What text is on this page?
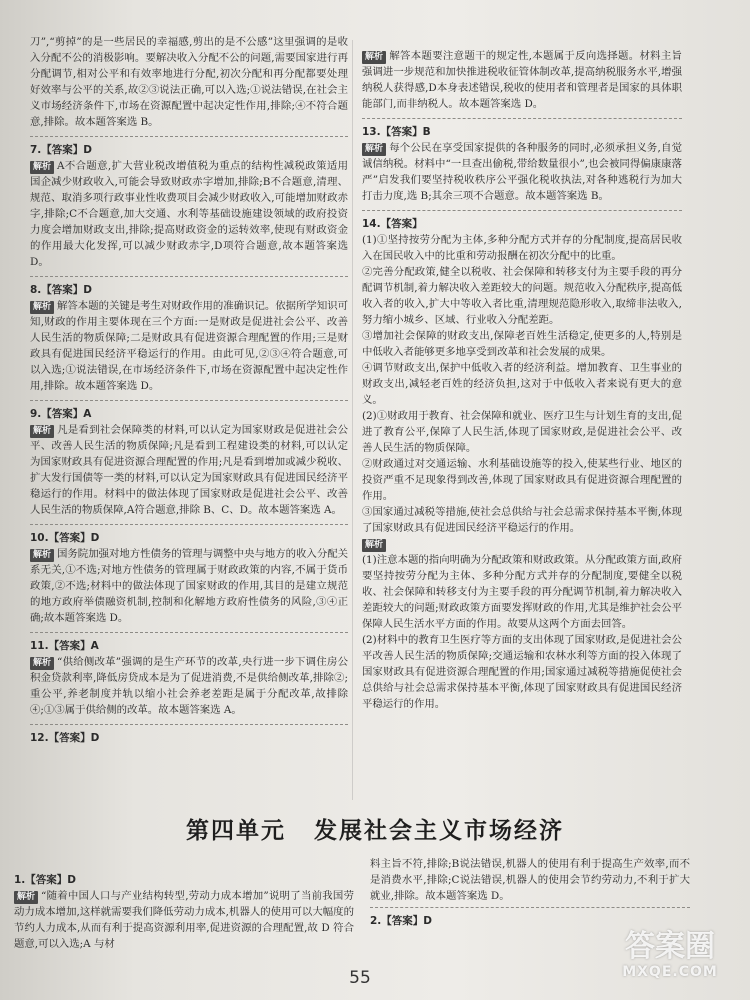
刀”,“剪掉”的是一些居民的幸福感,剪出的是不公感”这里强调的是收入分配不公的消极影响。要解决收入分配不公的问题,需要国家进行再分配调节,相对公平和有效率地进行分配,初次分配和再分配都要处理好效率与公平的关系,故②③说法正确,可以入选;①说法错误,在社会主义市场经济条件下,市场在资源配置中起决定性作用,排除;④不符合题意,排除。故本题答案选 B。

7.【答案】D

解析 A不合题意,扩大营业税改增值税为重点的结构性减税政策适用国企减少财政收入,可能会导致财政赤字增加,排除;B不合题意,清理、规范、取消多项行政事业性收费项目会减少财政收入,可能增加财政赤字,排除;C不合题意,加大交通、水利等基础设施建设领域的政府投资力度会增加财政支出,排除;提高财政资金的运转效率,使现有财政资金的作用最大化发挥,可以减少财政赤字,D项符合题意,故本题答案选 D。

8.【答案】D

解析 解答本题的关键是考生对财政作用的准确识记。依据所学知识可知,财政的作用主要体现在三个方面:一是财政是促进社会公平、改善人民生活的物质保障;二是财政具有促进资源合理配置的作用;三是财政具有促进国民经济平稳运行的作用。由此可见,②③④符合题意,可以入选;①说法错误,在市场经济条件下,市场在资源配置中起决定性作用,排除。故本题答案选 D。

9.【答案】A

解析 凡是看到社会保障类的材料,可以认定为国家财政是促进社会公平、改善人民生活的物质保障;凡是看到工程建设类的材料,可以认定为国家财政具有促进资源合理配置的作用;凡是看到增加或减少税收、扩大发行国债等一类的材料,可以认定为国家财政具有促进国民经济平稳运行的作用。材料中的做法体现了国家财政是促进社会公平、改善人民生活的物质保障,A符合题意,排除 B、C、D。故本题答案选 A。

10.【答案】D

解析 国务院加强对地方性债务的管理与调整中央与地方的收入分配关系无关,①不选;对地方性债务的管理属于财政政策的内容,不属于货币政策,②不选;材料中的做法体现了国家财政的作用,其目的是建立规范的地方政府举债融资机制,控制和化解地方政府性债务的风险,③④正确;故本题答案选 D。

11.【答案】A

解析 “供给侧改革”强调的是生产环节的改革,央行进一步下调住房公积金贷款利率,降低房贷成本是为了促进消费,不是供给侧改革,排除②;重公平,养老制度并轨以缩小社会养老差距是属于分配改革,故排除④;①③属于供给侧的改革。故本题答案选 A。

12.【答案】D

解析 解答本题要注意题干的规定性,本题属于反向选择题。材料主旨强调进一步规范和加快推进税收征管体制改革,提高纳税服务水平,增强纳税人获得感,D本身表述错误,税收的使用者和管理者是国家的具体职能部门,而非纳税人。故本题答案选 D。

13.【答案】B

解析 每个公民在享受国家提供的各种服务的同时,必须承担义务,自觉诚信纳税。材料中“一旦查出偷税,带给数量很小”,也会被同得偏康康落严”启发我们要坚持税收秩序公平强化税收执法,对各种逃税行为加大打击力度,选 B;其余三项不合题意。故本题答案选 B。

14.【答案】

(1)①坚持按劳分配为主体,多种分配方式并存的分配制度,提高居民收入在国民收入中的比重和劳动报酬在初次分配中的比重。

②完善分配政策,健全以税收、社会保障和转移支付为主要手段的再分配调节机制,着力解决收入差距较大的问题。规范收入分配秩序,提高低收入者的收入,扩大中等收入者比重,清理规范隐形收入,取缔非法收入,努力缩小城乡、区域、行业收入分配差距。

③增加社会保障的财政支出,保障老百姓生活稳定,使更多的人,特别是中低收入者能够更多地享受到改革和社会发展的成果。

④调节财政支出,保护中低收入者的经济利益。增加教育、卫生事业的财政支出,减轻老百姓的经济负担,这对于中低收入者来说有更大的意义。

(2)①财政用于教育、社会保障和就业、医疗卫生与计划生育的支出,促进了教育公平,保障了人民生活,体现了国家财政,是促进社会公平、改善人民生活的物质保障。

②财政通过对交通运输、水利基础设施等的投入,使某些行业、地区的投资严重不足现象得到改善,体现了国家财政具有促进资源合理配置的作用。

③国家通过减税等措施,使社会总供给与社会总需求保持基本平衡,体现了国家财政具有促进国民经济平稳运行的作用。

解析

(1)注意本题的指向明确为分配政策和财政政策。从分配政策方面,政府要坚持按劳分配为主体、多种分配方式并存的分配制度,要健全以税收、社会保障和转移支付为主要手段的再分配调节机制,着力解决收入差距较大的问题;财政政策方面要发挥财政的作用,尤其是维护社会公平保障人民生活水平方面的作用。故要从这两个方面去回答。

(2)材料中的教育卫生医疗等方面的支出体现了国家财政,是促进社会公平改善人民生活的物质保障;交通运输和农林水利等方面的投入体现了国家财政具有促进资源合理配置的作用;国家通过减税等措施促使社会总供给与社会总需求保持基本平衡,体现了国家财政具有促进国民经济平稳运行的作用。

第四单元 发展社会主义市场经济

1.【答案】D

解析 “随着中国人口与产业结构转型,劳动力成本增加”说明了当前我国劳动力成本增加,这样就需要我们降低劳动力成本,机器人的使用可以大幅度的节约人力成本,从而有利于提高资源利用率,促进资源的合理配置,故 D 符合题意,可以入选;A 与材

料主旨不符,排除;B说法错误,机器人的使用有利于提高生产效率,而不是消费水平,排除;C说法错误,机器人的使用会节约劳动力,不利于扩大就业,排除。故本题答案选 D。

2.【答案】D

55
答案圈
MXQE.COM
